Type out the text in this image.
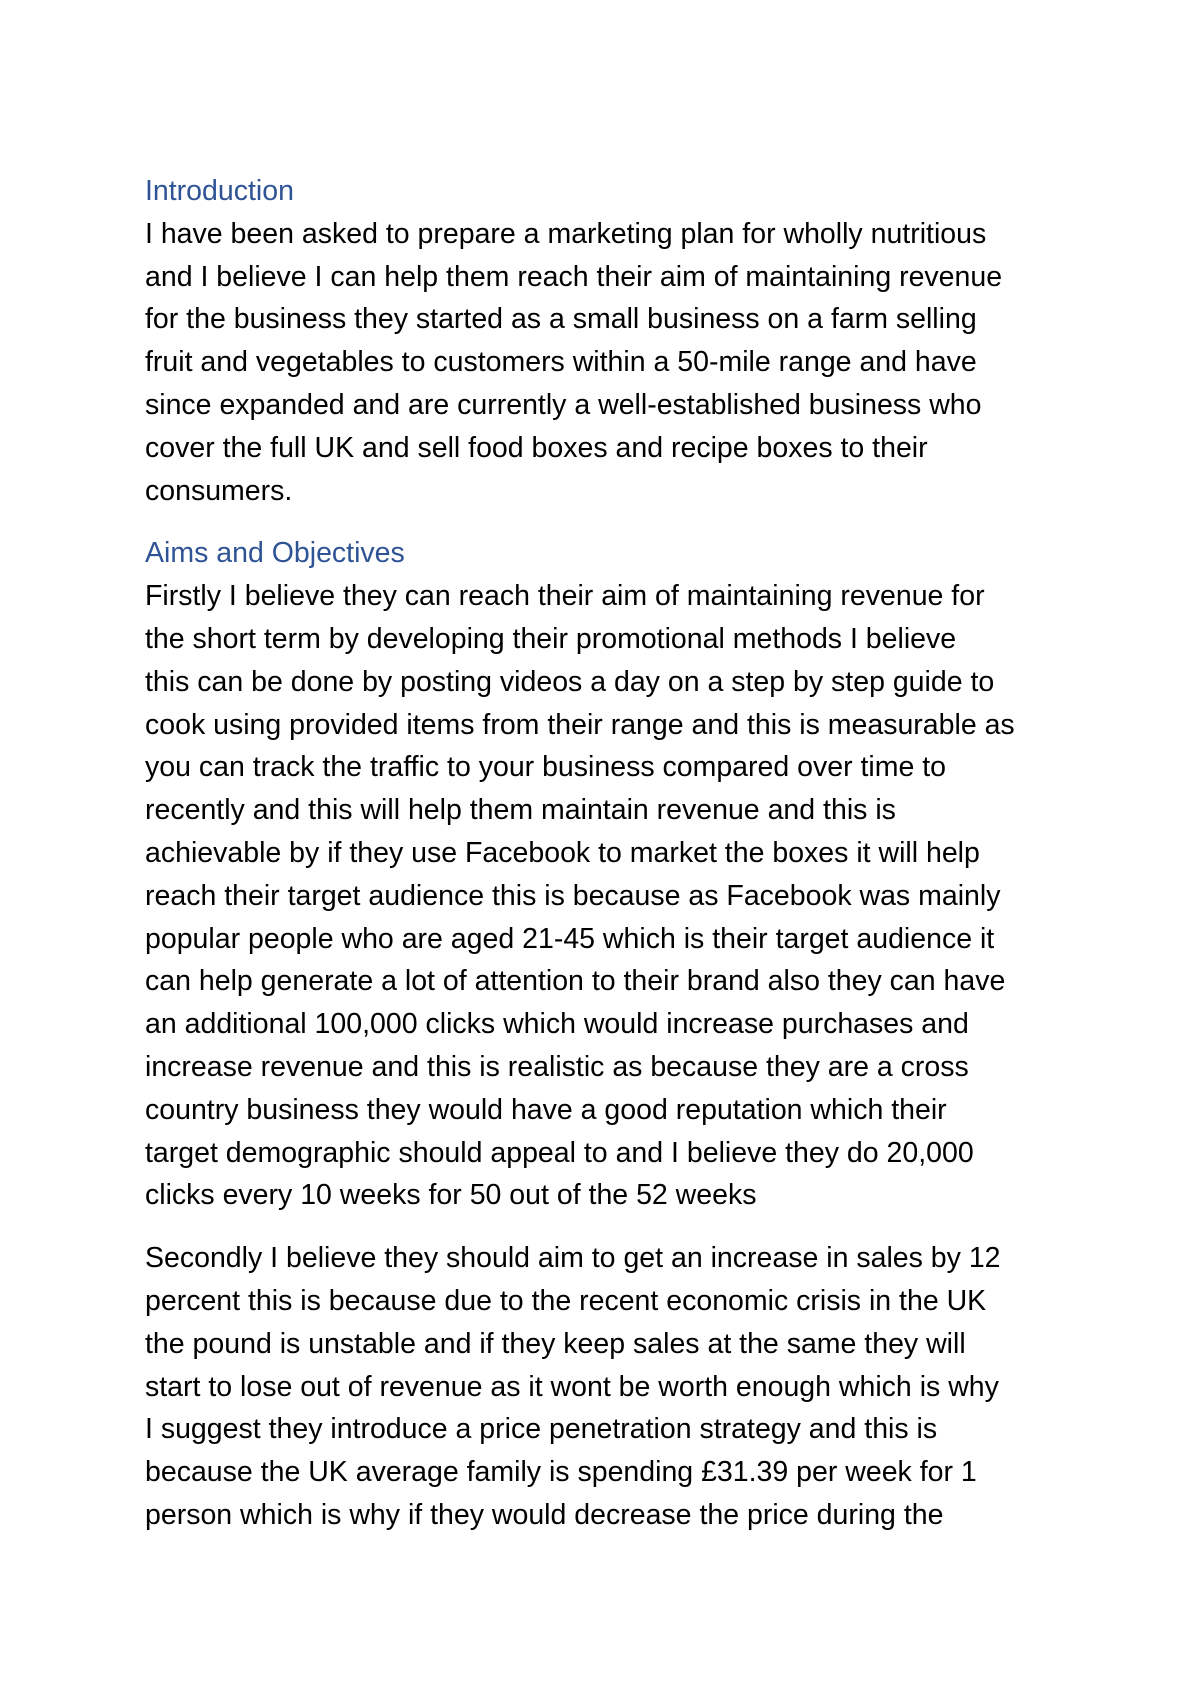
Introduction

I have been asked to prepare a marketing plan for wholly nutritious
and I believe I can help them reach their aim of maintaining revenue
for the business they started as a small business on a farm selling
fruit and vegetables to customers within a 50-mile range and have
since expanded and are currently a well-established business who
cover the full UK and sell food boxes and recipe boxes to their
consumers.

Aims and Objectives

Firstly I believe they can reach their aim of maintaining revenue for
the short term by developing their promotional methods I believe
this can be done by posting videos a day on a step by step guide to
cook using provided items from their range and this is measurable as
you can track the traffic to your business compared over time to
recently and this will help them maintain revenue and this is
achievable by if they use Facebook to market the boxes it will help
reach their target audience this is because as Facebook was mainly
popular people who are aged 21-45 which is their target audience it
can help generate a lot of attention to their brand also they can have
an additional 100,000 clicks which would increase purchases and
increase revenue and this is realistic as because they are a cross
country business they would have a good reputation which their
target demographic should appeal to and I believe they do 20,000
clicks every 10 weeks for 50 out of the 52 weeks

Secondly I believe they should aim to get an increase in sales by 12
percent this is because due to the recent economic crisis in the UK
the pound is unstable and if they keep sales at the same they will
start to lose out of revenue as it wont be worth enough which is why
I suggest they introduce a price penetration strategy and this is
because the UK average family is spending £31.39 per week for 1
person which is why if they would decrease the price during the
